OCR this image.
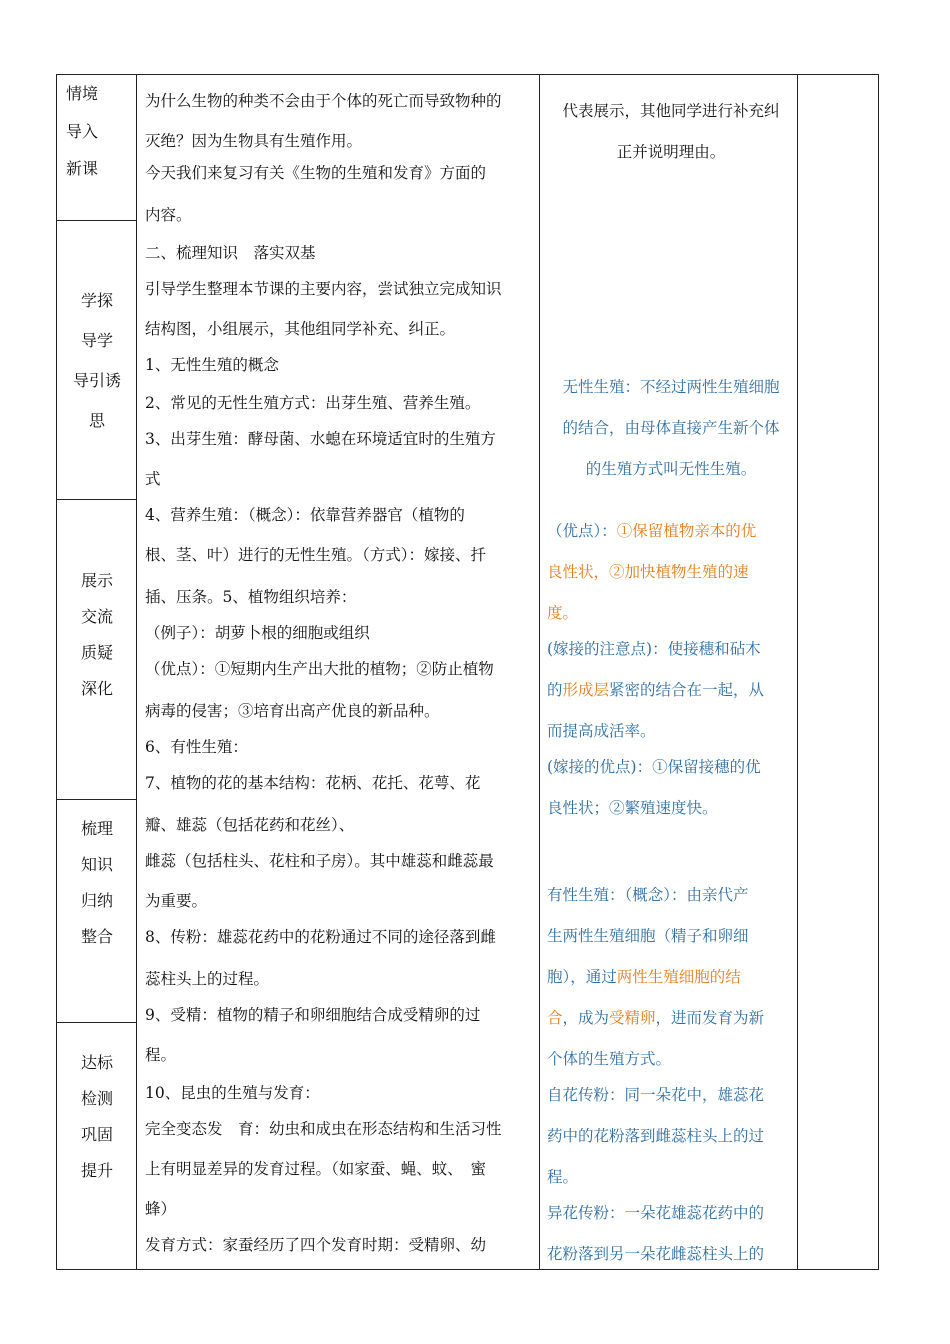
情境
导入
新课
学探
导学
导引诱
思
展示
交流
质疑
深化
梳理
知识
归纳
整合
达标
检测
巩固
提升
为什么生物的种类不会由于个体的死亡而导致物种的
灭绝？因为生物具有生殖作用。
今天我们来复习有关《生物的生殖和发育》方面的
内容。
二、梳理知识　落实双基
引导学生整理本节课的主要内容，尝试独立完成知识
结构图，小组展示，其他组同学补充、纠正。
1、无性生殖的概念
2、常见的无性生殖方式：出芽生殖、营养生殖。
3、出芽生殖：酵母菌、水螅在环境适宜时的生殖方
式
4、营养生殖：（概念）：依靠营养器官（植物的
根、茎、叶）进行的无性生殖。（方式）：嫁接、扦
插、压条。5、植物组织培养：
（例子）：胡萝卜根的细胞或组织
（优点）：①短期内生产出大批的植物；②防止植物
病毒的侵害；③培育出高产优良的新品种。
6、有性生殖：
7、植物的花的基本结构：花柄、花托、花萼、花
瓣、雄蕊（包括花药和花丝）、
雌蕊（包括柱头、花柱和子房）。其中雄蕊和雌蕊最
为重要。
8、传粉：雄蕊花药中的花粉通过不同的途径落到雌
蕊柱头上的过程。
9、受精：植物的精子和卵细胞结合成受精卵的过
程。
10、昆虫的生殖与发育：
完全变态发　育：幼虫和成虫在形态结构和生活习性
上有明显差异的发育过程。（如家蚕、蝇、蚊、　蜜
蜂）
发育方式：家蚕经历了四个发育时期：受精卵、幼

代表展示，其他同学进行补充纠

正并说明理由。

无性生殖：不经过两性生殖细胞

的结合，由母体直接产生新个体

的生殖方式叫无性生殖。

（优点）：①保留植物亲本的优

良性状，②加快植物生殖的速

度。

(嫁接的注意点)：使接穗和砧木

的形成层紧密的结合在一起，从

而提高成活率。

(嫁接的优点)：①保留接穗的优

良性状；②繁殖速度快。

有性生殖：（概念）：由亲代产

生两性生殖细胞（精子和卵细

胞），通过两性生殖细胞的结

合，成为受精卵，进而发育为新

个体的生殖方式。

自花传粉：同一朵花中，雄蕊花

药中的花粉落到雌蕊柱头上的过

程。

异花传粉：一朵花雄蕊花药中的

花粉落到另一朵花雌蕊柱头上的
